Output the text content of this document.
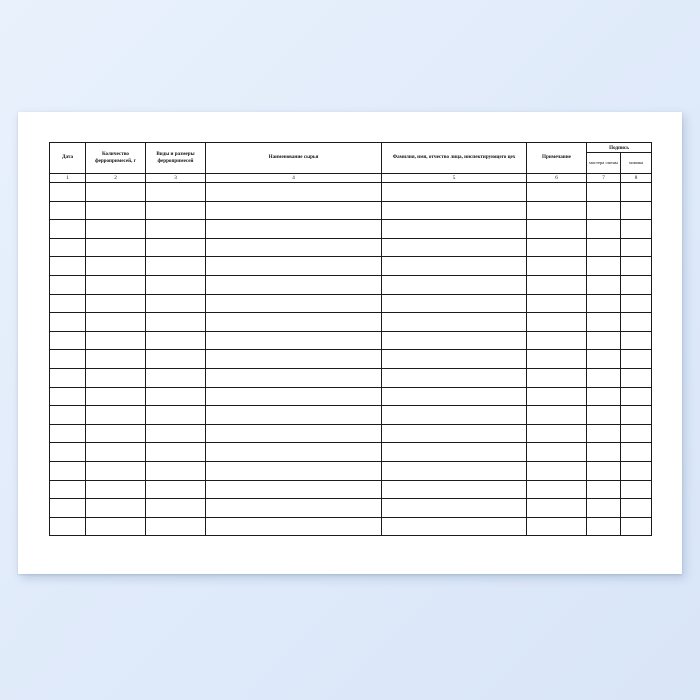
Дата	Количество ферропримесей, г	Виды и размеры ферропримесей	Наименование сырья	Фамилия, имя, отчество лица, инспектирующего цех	Примечание	Подпись	
						мастера смены	химика
1	2	3	4	5	6	7	8
